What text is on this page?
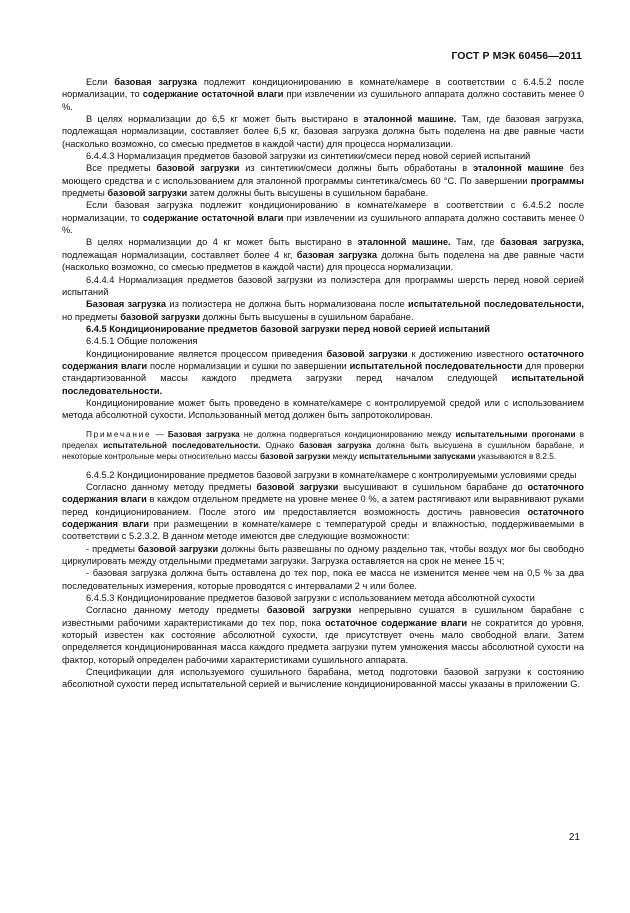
ГОСТ Р МЭК 60456—2011

Если базовая загрузка подлежит кондиционированию в комнате/камере в соответствии с 6.4.5.2 после нормализации, то содержание остаточной влаги при извлечении из сушильного аппарата должно составить менее 0 %.

В целях нормализации до 6,5 кг может быть выстирано в эталонной машине. Там, где базовая загрузка, подлежащая нормализации, составляет более 6,5 кг, базовая загрузка должна быть поделена на две равные части (насколько возможно, со смесью предметов в каждой части) для процесса нормализации.

6.4.4.3 Нормализация предметов базовой загрузки из синтетики/смеси перед новой серией испытаний

Все предметы базовой загрузки из синтетики/смеси должны быть обработаны в эталонной машине без моющего средства и с использованием для эталонной программы синтетика/смесь 60 °С. По завершении программы предметы базовой загрузки затем должны быть высушены в сушильном барабане.

Если базовая загрузка подлежит кондиционированию в комнате/камере в соответствии с 6.4.5.2 после нормализации, то содержание остаточной влаги при извлечении из сушильного аппарата должно составить менее 0 %.

В целях нормализации до 4 кг может быть выстирано в эталонной машине. Там, где базовая загрузка, подлежащая нормализации, составляет более 4 кг, базовая загрузка должна быть поделена на две равные части (насколько возможно, со смесью предметов в каждой части) для процесса нормализации.

6.4.4.4 Нормализация предметов базовой загрузки из полиэстера для программы шерсть перед новой серией испытаний

Базовая загрузка из полиэстера не должна быть нормализована после испытательной последовательности, но предметы базовой загрузки должны быть высушены в сушильном барабане.

6.4.5 Кондиционирование предметов базовой загрузки перед новой серией испытаний

6.4.5.1 Общие положения

Кондиционирование является процессом приведения базовой загрузки к достижению известного остаточного содержания влаги после нормализации и сушки по завершении испытательной последовательности для проверки стандартизованной массы каждого предмета загрузки перед началом следующей испытательной последовательности.

Кондиционирование может быть проведено в комнате/камере с контролируемой средой или с использованием метода абсолютной сухости. Использованный метод должен быть запротоколирован.

Примечание — Базовая загрузка не должна подвергаться кондиционированию между испытательными прогонами в пределах испытательной последовательности. Однако базовая загрузка должна быть высушена в сушильном барабане, и некоторые контрольные меры относительно массы базовой загрузки между испытательными запусками указываются в 8.2.5.

6.4.5.2 Кондиционирование предметов базовой загрузки в комнате/камере с контролируемыми условиями среды

Согласно данному методу предметы базовой загрузки высушивают в сушильном барабане до остаточного содержания влаги в каждом отдельном предмете на уровне менее 0 %, а затем растягивают или выравнивают руками перед кондиционированием. После этого им предоставляется возможность достичь равновесия остаточного содержания влаги при размещении в комнате/камере с температурой среды и влажностью, поддерживаемыми в соответствии с 5.2.3.2. В данном методе имеются две следующие возможности:

- предметы базовой загрузки должны быть развешаны по одному раздельно так, чтобы воздух мог бы свободно циркулировать между отдельными предметами загрузки. Загрузка оставляется на срок не менее 15 ч;

- базовая загрузка должна быть оставлена до тех пор, пока ее масса не изменится менее чем на 0,5 % за два последовательных измерения, которые проводятся с интервалами 2 ч или более.

6.4.5.3 Кондиционирование предметов базовой загрузки с использованием метода абсолютной сухости

Согласно данному методу предметы базовой загрузки непрерывно сушатся в сушильном барабане с известными рабочими характеристиками до тех пор, пока остаточное содержание влаги не сократится до уровня, который известен как состояние абсолютной сухости, где присутствует очень мало свободной влаги. Затем определяется кондиционированная масса каждого предмета загрузки путем умножения массы абсолютной сухости на фактор, который определен рабочими характеристиками сушильного аппарата.

Спецификации для используемого сушильного барабана, метод подготовки базовой загрузки к состоянию абсолютной сухости перед испытательной серией и вычисление кондиционированной массы указаны в приложении G.

21
